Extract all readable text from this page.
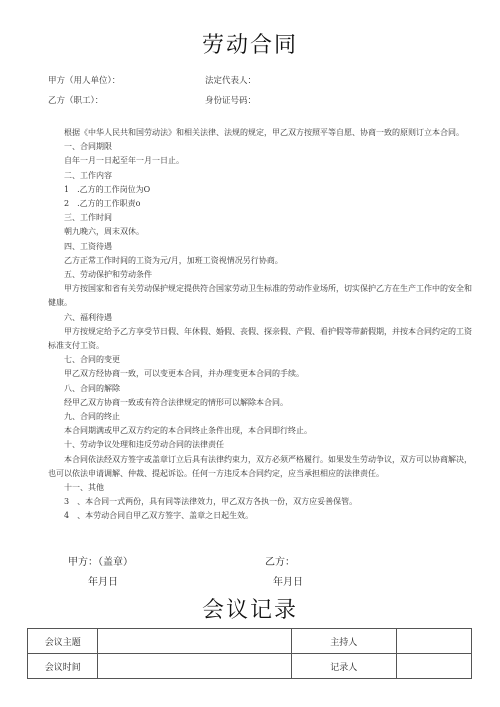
劳动合同
甲方（用人单位）：	法定代表人：
乙方（职工）：	身份证号码：

根据《中华人民共和国劳动法》和相关法律、法规的规定，甲乙双方按照平等自愿、协商一致的原则订立本合同。

一、合同期限

自年一月一日起至年一月一日止。

二、工作内容

1　.乙方的工作岗位为O

2　.乙方的工作职责o

三、工作时间

朝九晚六，周末双休。

四、工资待遇

乙方正常工作时间的工资为元/月，加班工资视情况另行协商。

五、劳动保护和劳动条件

甲方按国家和省有关劳动保护规定提供符合国家劳动卫生标准的劳动作业场所，切实保护乙方在生产工作中的安全和健康。

六、福利待遇

甲方按规定给予乙方享受节日假、年休假、婚假、丧假、探亲假、产假、看护假等带薪假期，并按本合同约定的工资标准支付工资。

七、合同的变更

甲乙双方经协商一致，可以变更本合同，并办理变更本合同的手续。

八、合同的解除

经甲乙双方协商一致或有符合法律规定的情形可以解除本合同。

九、合同的终止

本合同期满或甲乙双方约定的本合同终止条件出现，本合同即行终止。

十、劳动争议处理和违反劳动合同的法律责任

本合同依法经双方签字或盖章订立后具有法律约束力，双方必须严格履行。如果发生劳动争议，双方可以协商解决，也可以依法申请调解、仲裁、提起诉讼。任何一方违反本合同约定，应当承担相应的法律责任。

十一、其他

3　、本合同一式两份，具有同等法律效力，甲乙双方各执一份，双方应妥善保管。

4　、本劳动合同自甲乙双方签字、盖章之日起生效。

甲方：（盖章）	乙方：
年月日	年月日
会议记录
会议主题		主持人	
会议时间		记录人	
